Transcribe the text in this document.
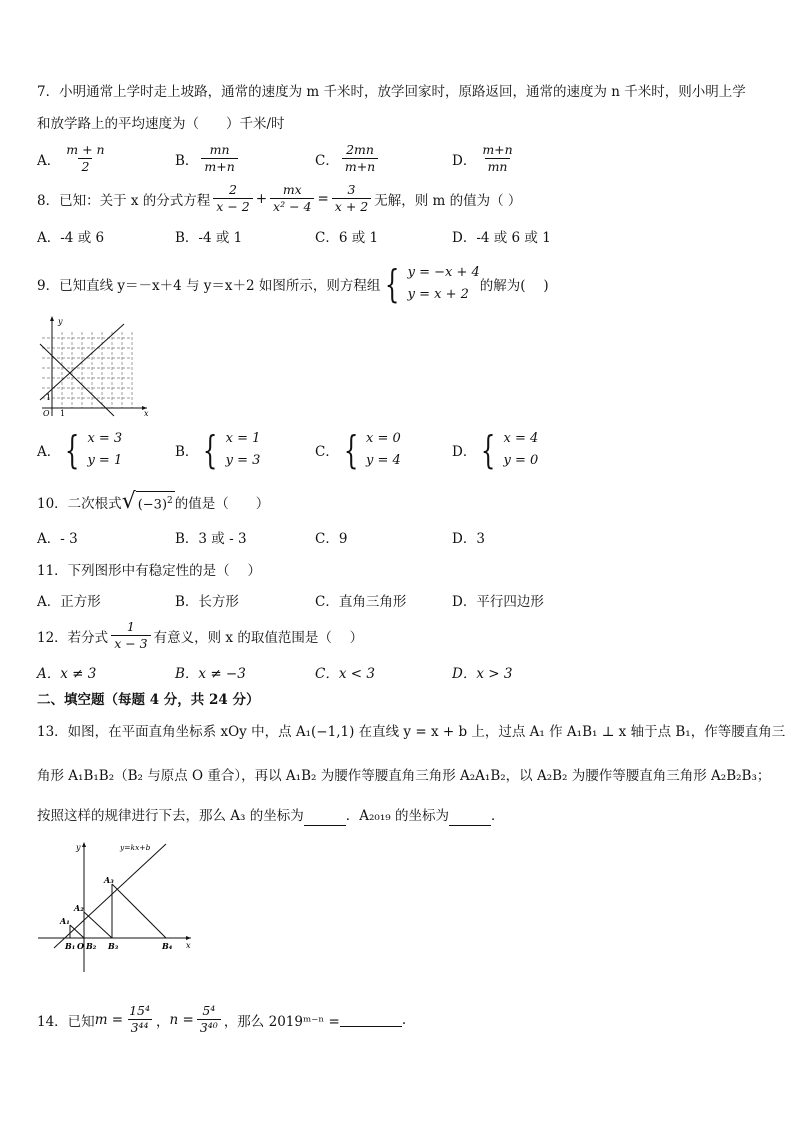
7．小明通常上学时走上坡路，通常的速度为 m 千米时，放学回家时，原路返回，通常的速度为 n 千米时，则小明上学
和放学路上的平均速度为（　　）千米/时
A． $\frac{m + n}{2}$	B． $\frac{mn}{m+n}$	C． $\frac{2mn}{m+n}$	D． $\frac{m+n}{mn}$
8．已知：关于 x 的分式方程 $\frac{2}{x - 2} + \frac{mx}{\text{x² − 4}} = \frac{3}{x + 2}$ 无解，则 m 的值为（ ）
A．-4 或 6	B．-4 或 1	C．6 或 1	D．-4 或 6 或 1
9．已知直线 y＝－x＋4 与 y＝x＋2 如图所示，则方程组 { y = −x + 4
y = x + 2
的解为(　 )
y
x
O 1
1
A． { x = 3
y = 1
B． { x = 1
y = 3
C． { x = 0
y = 4
D． { x = 4
y = 0
10．二次根式 √ $(-3)^2$ 的值是（　　）
A．- 3	B．3 或 - 3	C．9	D．3
11．下列图形中有稳定性的是（　 ）
A．正方形	B．长方形	C．直角三角形	D．平行四边形
12．若分式 $\frac{1}{x - 3}$ 有意义，则 x 的取值范围是（　 ）
A．x ≠ 3	B．x ≠ −3	C．x < 3	D．x > 3
二、填空题（每题 4 分，共 24 分）
13．如图，在平面直角坐标系 xOy 中，点 A₁(−1,1) 在直线 y = x + b 上，过点 A₁ 作 A₁B₁ ⊥ x 轴于点 B₁，作等腰直角三
角形 A₁B₁B₂（B₂ 与原点 O 重合），再以 A₁B₂ 为腰作等腰直角三角形 A₂A₁B₂，以 A₂B₂ 为腰作等腰直角三角形 A₂B₂B₃；
按照这样的规律进行下去，那么 A₃ 的坐标为	．A₂₀₁₉ 的坐标为	．
y
x
y=kx+b
A₁
A₂
A₃
B₁ O B₂ B₃	B₄
14．已知 $m = \frac{\text{15⁴}}{\text{3⁴⁴}}$ ， $n = \frac{\text{5⁴}}{\text{3⁴⁰}}$ ，那么 2019ᵐ⁻ⁿ =	.
